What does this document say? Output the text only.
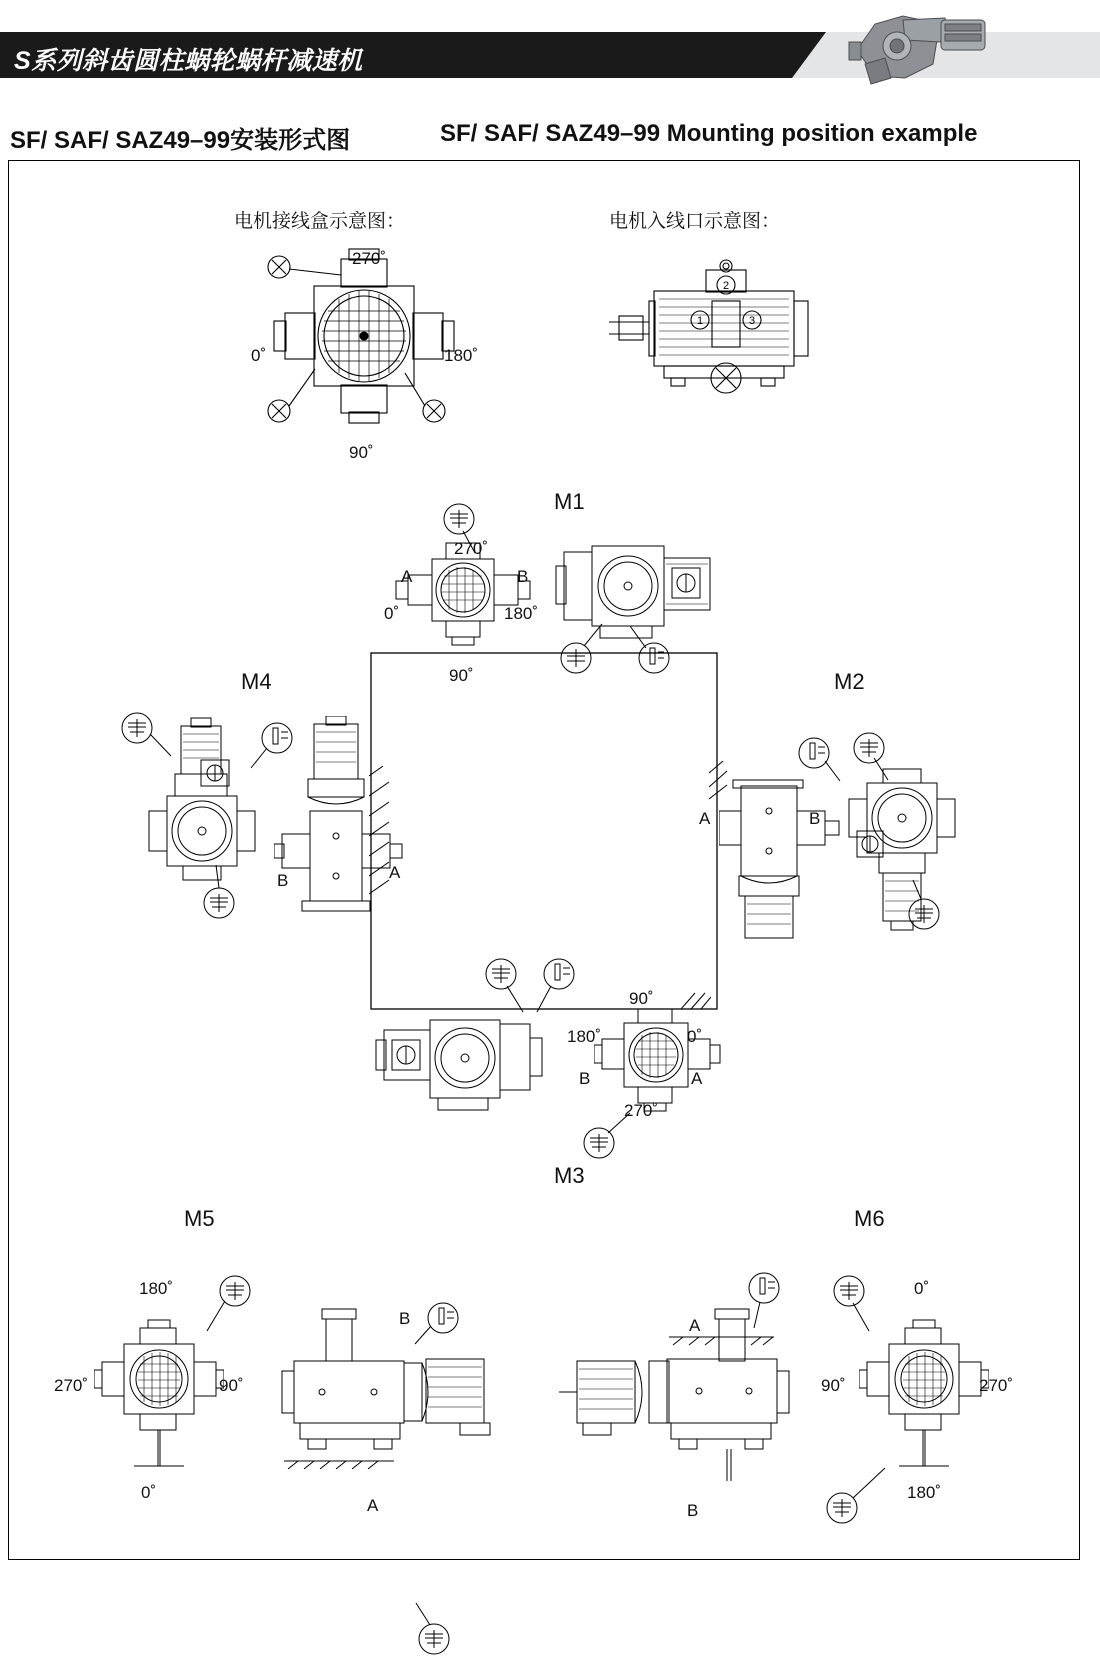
S系列斜齿圆柱蜗轮蜗杆减速机
SF/ SAF/ SAZ49–99安装形式图	SF/ SAF/ SAZ49–99 Mounting position example
电机接线盒示意图：	电机入线口示意图：
270˚
0˚	180˚
90˚
2
1	3
M1
270˚
0˚	180˚
90˚
A	B
M4
B	A
M2
A	B
M3
90˚
180˚	0˚
270˚
B	A
M5
180˚
270˚	90˚
0˚
A
B
M6
A
B
0˚
90˚	270˚
180˚
